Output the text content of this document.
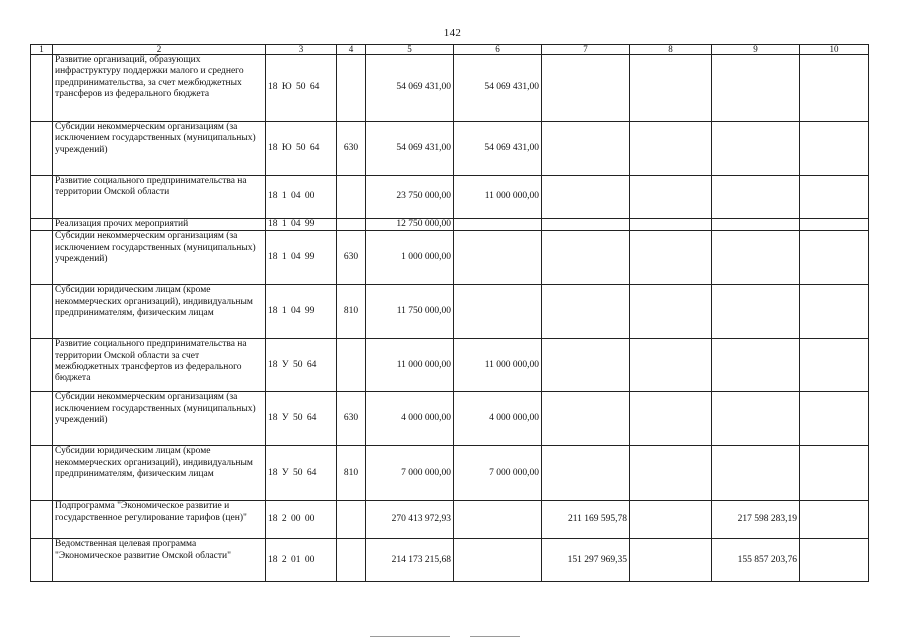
142
1	2	3	4	5	6	7	8	9	10
	Развитие организаций, образующих инфраструктуру поддержки малого и среднего предпринимательства, за счет межбюджетных трансферов из федерального бюджета	18 Ю 50 64		54 069 431,00	54 069 431,00				
	Субсидии некоммерческим организациям (за исключением государственных (муниципальных) учреждений)	18 Ю 50 64	630	54 069 431,00	54 069 431,00				
	Развитие социального предпринимательства на территории Омской области	18 1 04 00		23 750 000,00	11 000 000,00				
	Реализация прочих мероприятий	18 1 04 99		12 750 000,00					
	Субсидии некоммерческим организациям (за исключением государственных (муниципальных) учреждений)	18 1 04 99	630	1 000 000,00					
	Субсидии юридическим лицам (кроме некоммерческих организаций), индивидуальным предпринимателям, физическим лицам	18 1 04 99	810	11 750 000,00					
	Развитие социального предпринимательства на территории Омской области за счет межбюджетных трансфертов из федерального бюджета	18 У 50 64		11 000 000,00	11 000 000,00				
	Субсидии некоммерческим организациям (за исключением государственных (муниципальных) учреждений)	18 У 50 64	630	4 000 000,00	4 000 000,00				
	Субсидии юридическим лицам (кроме некоммерческих организаций), индивидуальным предпринимателям, физическим лицам	18 У 50 64	810	7 000 000,00	7 000 000,00				
	Подпрограмма "Экономическое развитие и государственное регулирование тарифов (цен)"	18 2 00 00		270 413 972,93		211 169 595,78		217 598 283,19	
	Ведомственная целевая программа "Экономическое развитие Омской области"	18 2 01 00		214 173 215,68		151 297 969,35		155 857 203,76	
